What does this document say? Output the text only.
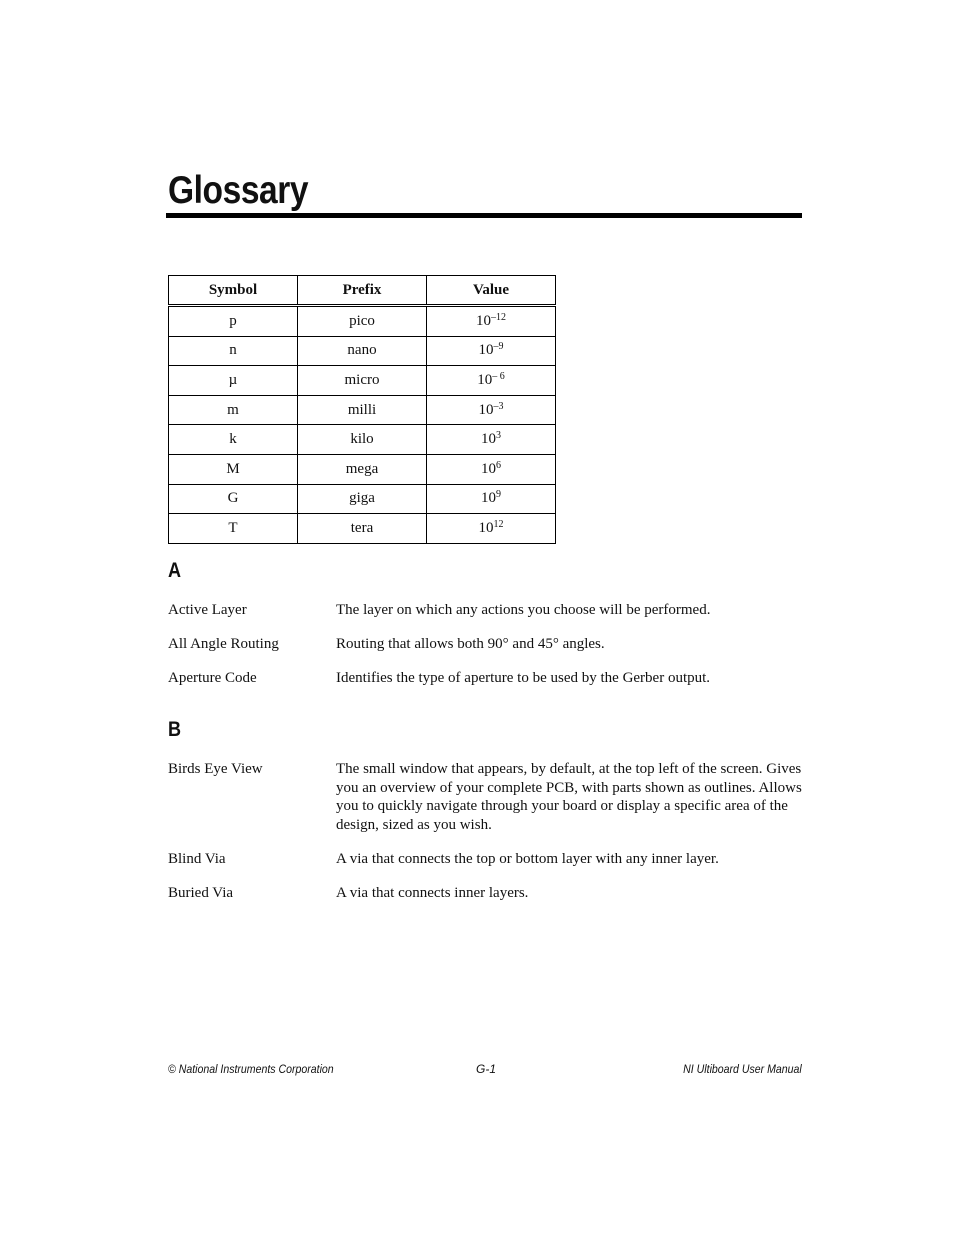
Glossary
Symbol	Prefix	Value
p	pico	$10^{-12}$
n	nano	$10^{-9}$
µ	micro	$10^{- 6}$
m	milli	$10^{-3}$
k	kilo	$10^3$
M	mega	$10^6$
G	giga	$10^9$
T	tera	$10^{12}$
A
Active Layer	The layer on which any actions you choose will be performed.
All Angle Routing	Routing that allows both 90° and 45° angles.
Aperture Code	Identifies the type of aperture to be used by the Gerber output.
B
Birds Eye View	The small window that appears, by default, at the top left of the screen. Gives you an overview of your complete PCB, with parts shown as outlines. Allows you to quickly navigate through your board or display a specific area of the design, sized as you wish.
Blind Via	A via that connects the top or bottom layer with any inner layer.
Buried Via	A via that connects inner layers.
© National Instruments Corporation	G-1	NI Ultiboard User Manual
